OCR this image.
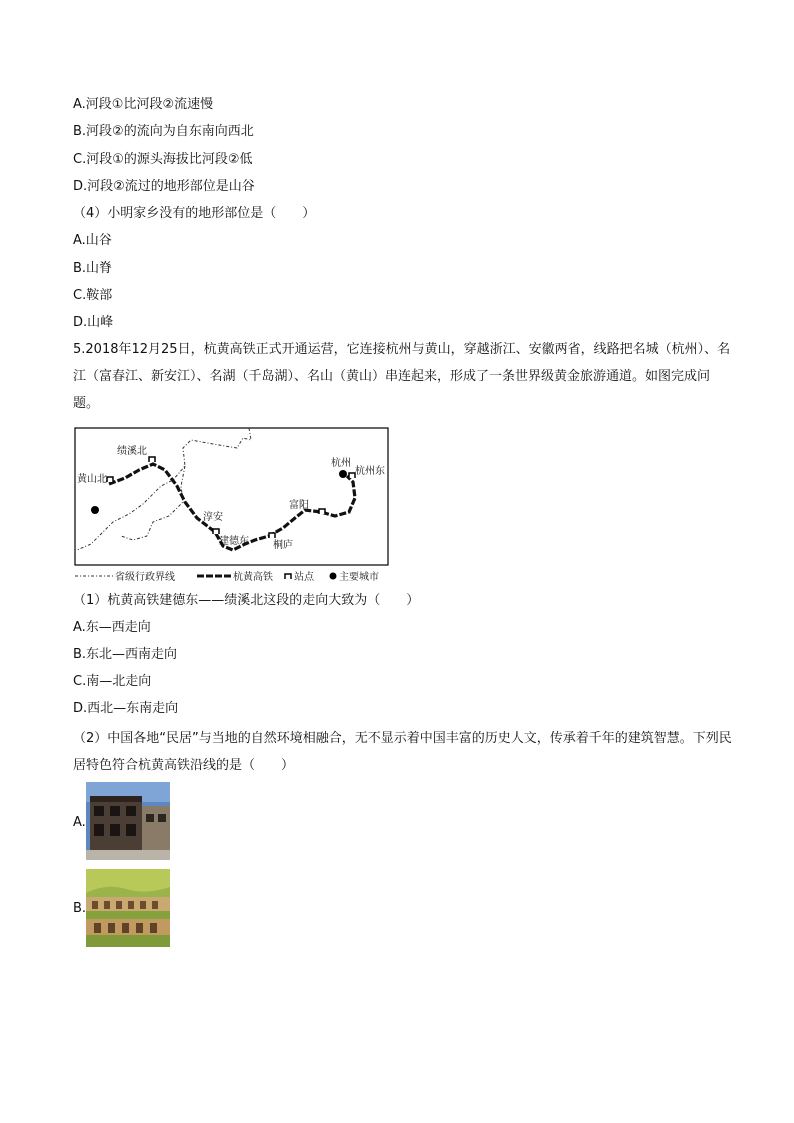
A.河段①比河段②流速慢
B.河段②的流向为自东南向西北
C.河段①的源头海拔比河段②低
D.河段②流过的地形部位是山谷
（4）小明家乡没有的地形部位是（　　）
A.山谷
B.山脊
C.鞍部
D.山峰
5.2018年12月25日，杭黄高铁正式开通运营，它连接杭州与黄山，穿越浙江、安徽两省，线路把名城（杭州）、名江（富春江、新安江）、名湖（千岛湖）、名山（黄山）串连起来，形成了一条世界级黄金旅游通道。如图完成问题。
绩溪北
黄山北
杭州
杭州东
富阳
淳安
建德东 桐庐
省级行政界线	杭黄高铁 站点	主要城市
（1）杭黄高铁建德东——绩溪北这段的走向大致为（　　）
A.东—西走向
B.东北—西南走向
C.南—北走向
D.西北—东南走向
（2）中国各地“民居”与当地的自然环境相融合，无不显示着中国丰富的历史人文，传承着千年的建筑智慧。下列民居特色符合杭黄高铁沿线的是（　　）
A.
B.
